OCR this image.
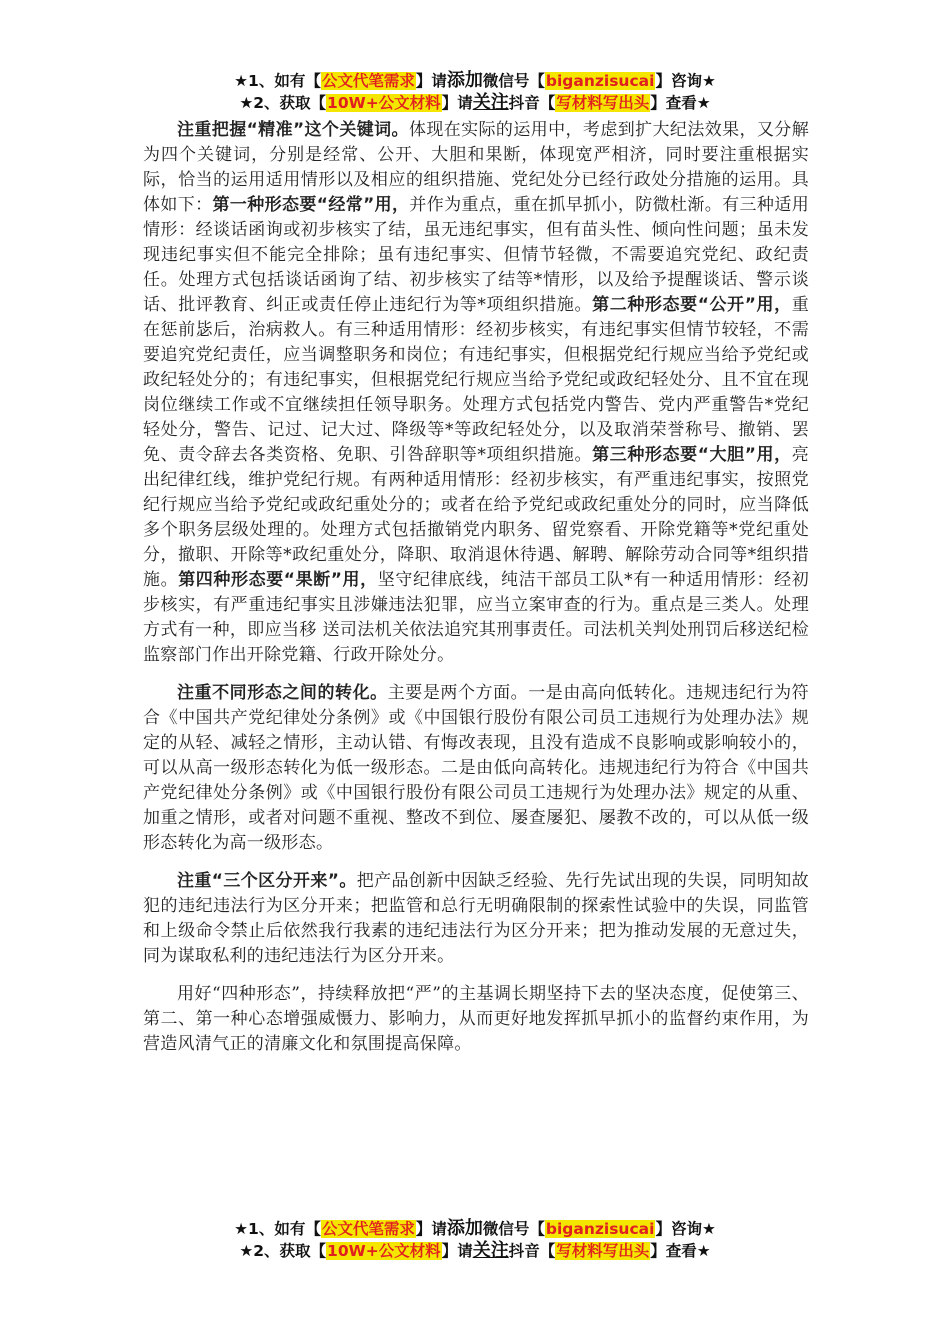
★1、如有【公文代笔需求】请添加微信号【biganzisucai】咨询★
★2、获取【10W+公文材料】请关注抖音【写材料写出头】查看★

注重把握“精准”这个关键词。体现在实际的运用中，考虑到扩大纪法效果，又分解为四个关键词，分别是经常、公开、大胆和果断，体现宽严相济，同时要注重根据实际，恰当的运用适用情形以及相应的组织措施、党纪处分已经行政处分措施的运用。具体如下：第一种形态要“经常”用，并作为重点，重在抓早抓小，防微杜渐。有三种适用情形：经谈话函询或初步核实了结，虽无违纪事实，但有苗头性、倾向性问题；虽未发现违纪事实但不能完全排除；虽有违纪事实、但情节轻微，不需要追究党纪、政纪责任。处理方式包括谈话函询了结、初步核实了结等*情形，以及给予提醒谈话、警示谈话、批评教育、纠正或责任停止违纪行为等*项组织措施。第二种形态要“公开”用，重在惩前毖后，治病救人。有三种适用情形：经初步核实，有违纪事实但情节较轻，不需要追究党纪责任，应当调整职务和岗位；有违纪事实，但根据党纪行规应当给予党纪或政纪轻处分的；有违纪事实，但根据党纪行规应当给予党纪或政纪轻处分、且不宜在现岗位继续工作或不宜继续担任领导职务。处理方式包括党内警告、党内严重警告*党纪轻处分，警告、记过、记大过、降级等*等政纪轻处分，以及取消荣誉称号、撤销、罢免、责令辞去各类资格、免职、引咎辞职等*项组织措施。第三种形态要“大胆”用，亮出纪律红线，维护党纪行规。有两种适用情形：经初步核实，有严重违纪事实，按照党纪行规应当给予党纪或政纪重处分的；或者在给予党纪或政纪重处分的同时，应当降低多个职务层级处理的。处理方式包括撤销党内职务、留党察看、开除党籍等*党纪重处分，撤职、开除等*政纪重处分，降职、取消退休待遇、解聘、解除劳动合同等*组织措施。第四种形态要“果断”用，坚守纪律底线，纯洁干部员工队*有一种适用情形：经初步核实，有严重违纪事实且涉嫌违法犯罪，应当立案审查的行为。重点是三类人。处理方式有一种，即应当移 送司法机关依法追究其刑事责任。司法机关判处刑罚后移送纪检监察部门作出开除党籍、行政开除处分。

注重不同形态之间的转化。主要是两个方面。一是由高向低转化。违规违纪行为符合《中国共产党纪律处分条例》或《中国银行股份有限公司员工违规行为处理办法》规定的从轻、减轻之情形，主动认错、有悔改表现，且没有造成不良影响或影响较小的，可以从高一级形态转化为低一级形态。二是由低向高转化。违规违纪行为符合《中国共产党纪律处分条例》或《中国银行股份有限公司员工违规行为处理办法》规定的从重、加重之情形，或者对问题不重视、整改不到位、屡查屡犯、屡教不改的，可以从低一级形态转化为高一级形态。

注重“三个区分开来”。把产品创新中因缺乏经验、先行先试出现的失误，同明知故犯的违纪违法行为区分开来；把监管和总行无明确限制的探索性试验中的失误，同监管和上级命令禁止后依然我行我素的违纪违法行为区分开来；把为推动发展的无意过失，同为谋取私利的违纪违法行为区分开来。

用好“四种形态”，持续释放把“严”的主基调长期坚持下去的坚决态度，促使第三、第二、第一种心态增强威慑力、影响力，从而更好地发挥抓早抓小的监督约束作用，为营造风清气正的清廉文化和氛围提高保障。

★1、如有【公文代笔需求】请添加微信号【biganzisucai】咨询★
★2、获取【10W+公文材料】请关注抖音【写材料写出头】查看★
